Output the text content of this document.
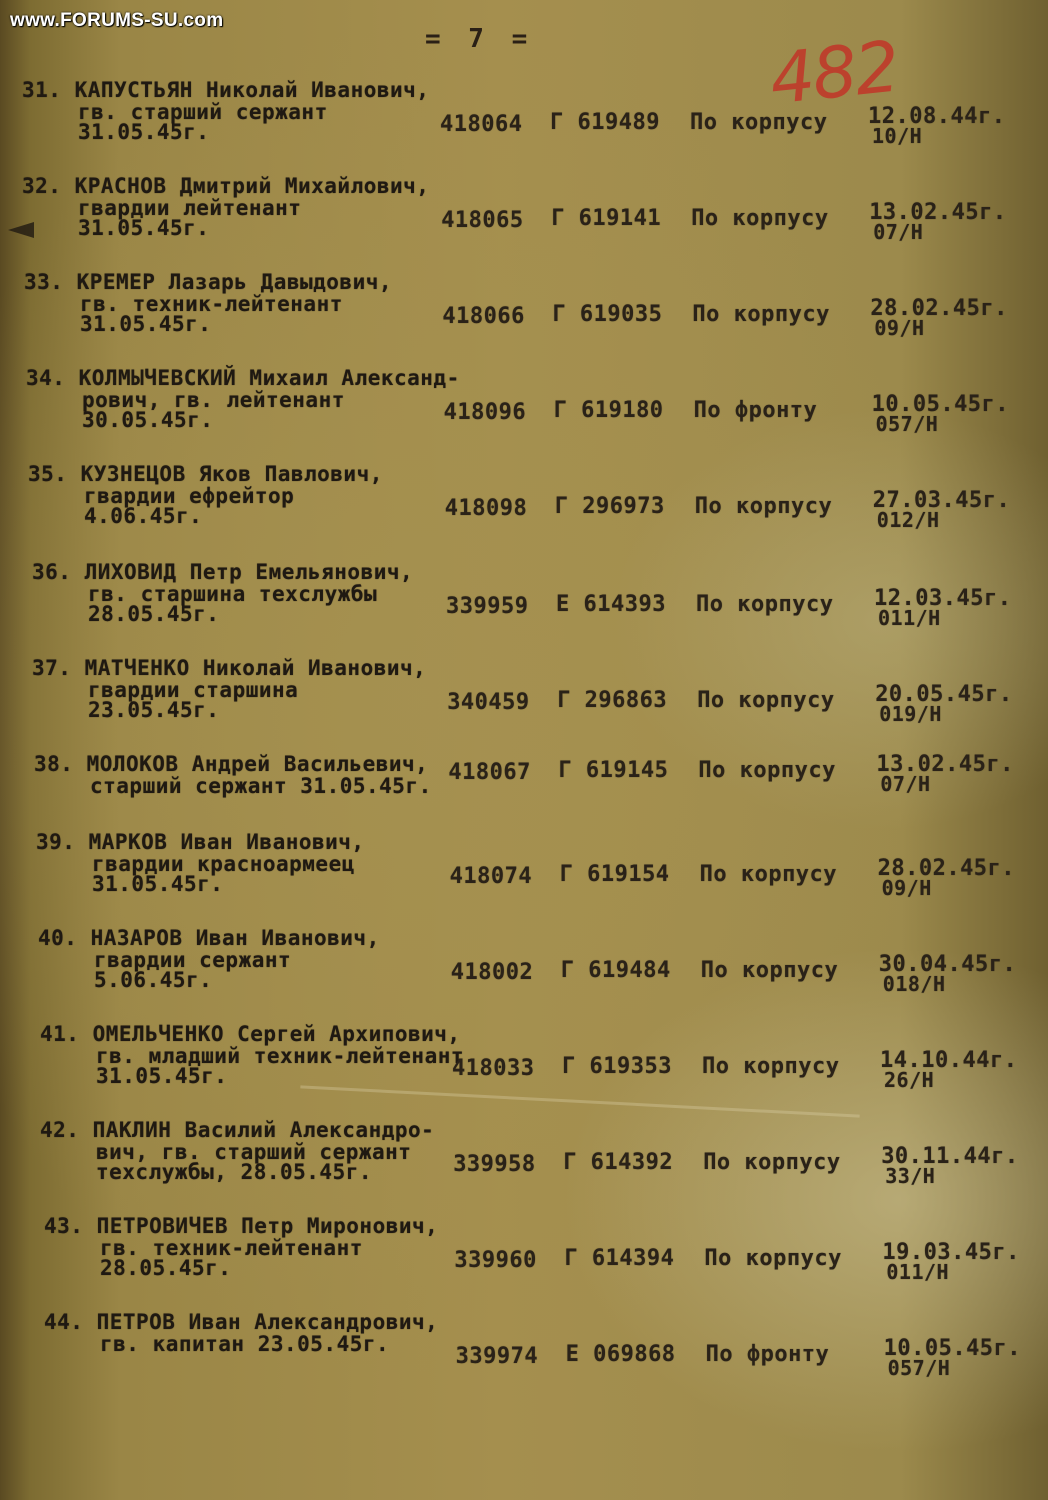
www.FORUMS-SU.com
= 7 =	482
31. КАПУСТЬЯН Николай Иванович,
гв. старший сержант
31.05.45г.	418064 Г 619489 По корпусу 12.08.44г.
10/Н
32. КРАСНОВ Дмитрий Михайлович,
гвардии лейтенант
31.05.45г.	418065 Г 619141 По корпусу 13.02.45г.
07/Н
33. КРЕМЕР Лазарь Давыдович,
гв. техник-лейтенант
31.05.45г.	418066 Г 619035 По корпусу 28.02.45г.
09/Н
34. КОЛМЫЧЕВСКИЙ Михаил Александ-
рович, гв. лейтенант
30.05.45г.	418096 Г 619180 По фронту 10.05.45г.
057/Н
35. КУЗНЕЦОВ Яков Павлович,
гвардии ефрейтор
4.06.45г.	418098 Г 296973 По корпусу 27.03.45г.
012/Н
36. ЛИХОВИД Петр Емельянович,
гв. старшина техслужбы
28.05.45г.	339959 Е 614393 По корпусу 12.03.45г.
011/Н
37. МАТЧЕНКО Николай Иванович,
гвардии старшина
23.05.45г.	340459 Г 296863 По корпусу 20.05.45г.
019/Н
38. МОЛОКОВ Андрей Васильевич,
старший сержант 31.05.45г.
418067 Г 619145 По корпусу 13.02.45г.
07/Н
39. МАРКОВ Иван Иванович,
гвардии красноармеец
31.05.45г.	418074 Г 619154 По корпусу 28.02.45г.
09/Н
40. НАЗАРОВ Иван Иванович,
гвардии сержант
5.06.45г.	418002 Г 619484 По корпусу 30.04.45г.
018/Н
41. ОМЕЛЬЧЕНКО Сергей Архипович,
гв. младший техник-лейтенант
31.05.45г.	418033 Г 619353 По корпусу 14.10.44г.
26/Н
42. ПАКЛИН Василий Александро-
вич, гв. старший сержант
техслужбы, 28.05.45г.	339958 Г 614392 По корпусу 30.11.44г.
33/Н
43. ПЕТРОВИЧЕВ Петр Миронович,
гв. техник-лейтенант
28.05.45г.	339960 Г 614394 По корпусу 19.03.45г.
011/Н
44. ПЕТРОВ Иван Александрович,
гв. капитан 23.05.45г.	339974 Е 069868 По фронту 10.05.45г.
057/Н
